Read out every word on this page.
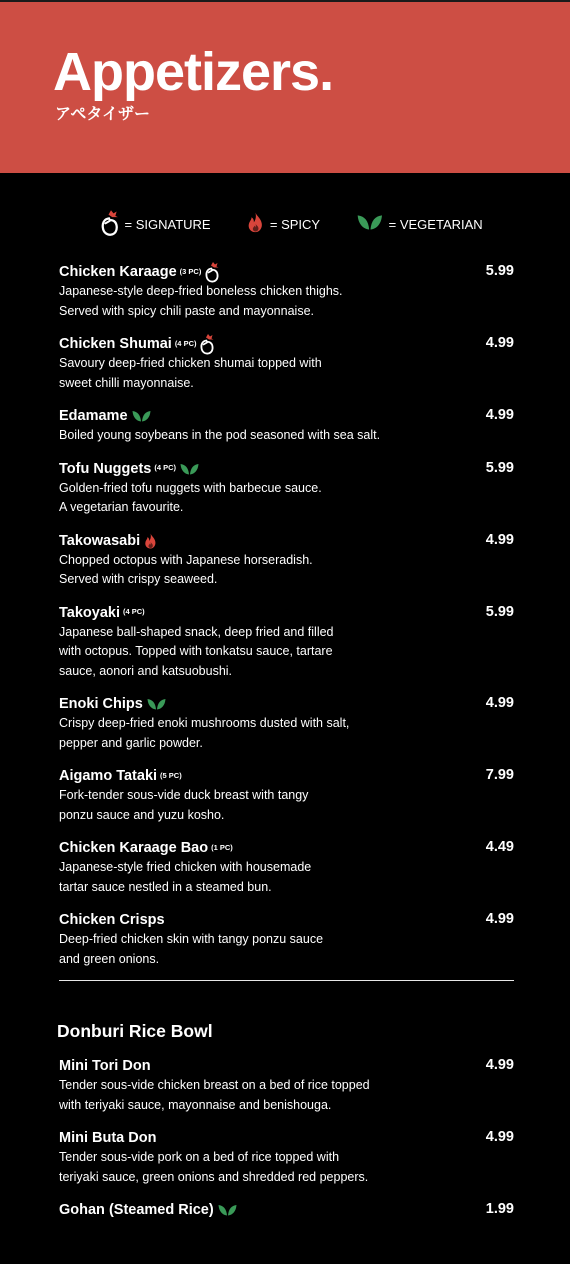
Appetizers.
アペタイザー
= SIGNATURE	= SPICY	= VEGETARIAN
Chicken Karaage (3 PC)	5.99
Japanese-style deep-fried boneless chicken thighs.
Served with spicy chili paste and mayonnaise.
Chicken Shumai (4 PC)	4.99
Savoury deep-fried chicken shumai topped with
sweet chilli mayonnaise.
Edamame	4.99
Boiled young soybeans in the pod seasoned with sea salt.
Tofu Nuggets (4 PC)	5.99
Golden-fried tofu nuggets with barbecue sauce.
A vegetarian favourite.
Takowasabi	4.99
Chopped octopus with Japanese horseradish.
Served with crispy seaweed.
Takoyaki (4 PC)	5.99
Japanese ball-shaped snack, deep fried and filled
with octopus. Topped with tonkatsu sauce, tartare
sauce, aonori and katsuobushi.
Enoki Chips	4.99
Crispy deep-fried enoki mushrooms dusted with salt,
pepper and garlic powder.
Aigamo Tataki (5 PC)	7.99
Fork-tender sous-vide duck breast with tangy
ponzu sauce and yuzu kosho.
Chicken Karaage Bao (1 PC)	4.49
Japanese-style fried chicken with housemade
tartar sauce nestled in a steamed bun.
Chicken Crisps	4.99
Deep-fried chicken skin with tangy ponzu sauce
and green onions.
Donburi Rice Bowl
Mini Tori Don	4.99
Tender sous-vide chicken breast on a bed of rice topped
with teriyaki sauce, mayonnaise and benishouga.
Mini Buta Don	4.99
Tender sous-vide pork on a bed of rice topped with
teriyaki sauce, green onions and shredded red peppers.
Gohan (Steamed Rice)	1.99
